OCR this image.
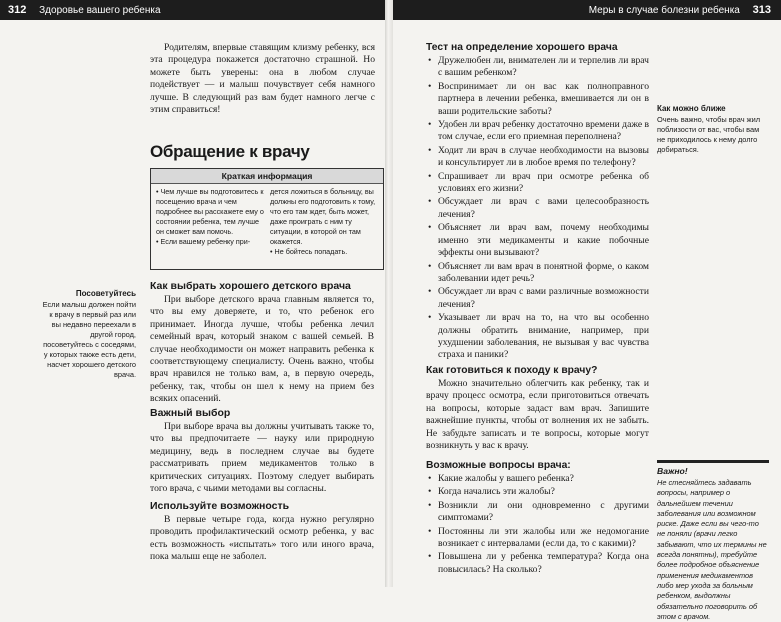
312 Здоровье вашего ребенка	Меры в случае болезни ребенка 313
Родителям, впервые ставящим клизму ребенку, вся эта процедура покажется достаточно страшной. Но можете быть уверены: она в любом случае подействует — и малыш почувствует себя намного лучше. В следующий раз вам будет намного легче с этим справиться!
Обращение к врачу
Краткая информация

• Чем лучше вы подготовитесь к посещению врача и чем подробнее вы расскажете ему о состоянии ребенка, тем лучше он сможет вам помочь.

• Если вашему ребенку при-

дется ложиться в больницу, вы должны его подготовить к тому, что его там ждет, быть может, даже проиграть с ним ту ситуации, в которой он там окажется.

• Не бойтесь попадать.

Как выбрать хорошего детского врача

При выборе детского врача главным является то, что вы ему доверяете, и то, что ребенок его принимает. Иногда лучше, чтобы ребенка лечил семейный врач, который знаком с вашей семьей. В случае необходимости он может направить ребенка к соответствующему специалисту. Очень важно, чтобы врач нравился не только вам, а, в первую очередь, ребенку, так, чтобы он шел к нему на прием без всяких опасений.

Важный выбор

При выборе врача вы должны учитывать также то, что вы предпочитаете — науку или природную медицину, ведь в последнем случае вы будете рассматривать прием медикаментов только в критических ситуациях. Поэтому следует выбирать того врача, с чьими методами вы согласны.

Используйте возможность

В первые четыре года, когда нужно регулярно проводить профилактический осмотр ребенка, у вас есть возможность «испытать» того или иного врача, пока малыш еще не заболел.

Посоветуйтесь
Если малыш должен пойти к врачу в первый раз или вы недавно переехали в другой город, посоветуйтесь с соседями, у которых также есть дети, насчет хорошего детского врача.
Тест на определение хорошего врача
• Дружелюбен ли, внимателен ли и терпелив ли врач с вашим ребенком?
• Воспринимает ли он вас как полноправного партнера в лечении ребенка, вмешивается ли он в ваши родительские заботы?
• Удобен ли врач ребенку достаточно времени даже в том случае, если его приемная переполнена?
• Ходит ли врач в случае необходимости на вызовы и консультирует ли в любое время по телефону?
• Спрашивает ли врач при осмотре ребенка об условиях его жизни?
• Обсуждает ли врач с вами целесообразность лечения?
• Объясняет ли врач вам, почему необходимы именно эти медикаменты и какие побочные эффекты они вызывают?
• Объясняет ли вам врач в понятной форме, о каком заболевании идет речь?
• Обсуждает ли врач с вами различные возможности лечения?
• Указывает ли врач на то, на что вы особенно должны обратить внимание, например, при ухудшении заболевания, не вызывая у вас чувства страха и паники?
Как готовиться к походу к врачу?

Можно значительно облегчить как ребенку, так и врачу процесс осмотра, если приготовиться отвечать на вопросы, которые задаст вам врач. Запишите важнейшие пункты, чтобы от волнения их не забыть. Не забудьте записать и те вопросы, которые могут возникнуть у вас к врачу.

Возможные вопросы врача:
• Какие жалобы у вашего ребенка?
• Когда начались эти жалобы?
• Возникли ли они одновременно с другими симптомами?
• Постоянны ли эти жалобы или же недомогание возникает с интервалами (если да, то с какими)?
• Повышена ли у ребенка температура? Когда она повысилась? На сколько?
Как можно ближе
Очень важно, чтобы врач жил поблизости от вас, чтобы вам не приходилось к нему долго добираться.
Важно!
Не стесняйтесь задавать вопросы, например о дальнейшем течении заболевания или возможном риске. Даже если вы чего-то не поняли (врачи легко забывают, что их термины не всегда понятны), требуйте более подробное объяснение применения медикаментов либо мер ухода за больным ребенком, выдолжны обязательно поговорить об этом с врачом.
